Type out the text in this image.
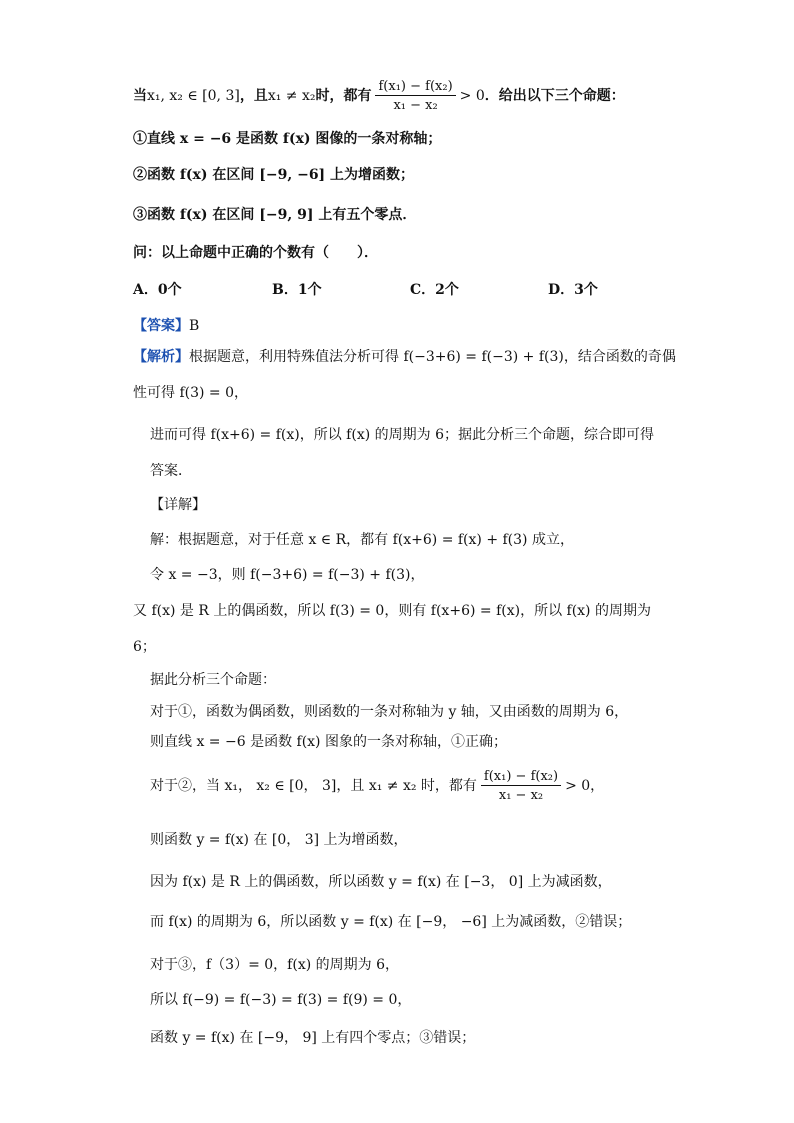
当x₁, x₂ ∈ [0, 3]，且x₁ ≠ x₂时，都有 $\frac{\text{f(x₁) − f(x₂)}}{\text{x₁ − x₂}} > 0$．给出以下三个命题：
①直线 x = −6 是函数 f(x) 图像的一条对称轴；
②函数 f(x) 在区间 [−9, −6] 上为增函数；
③函数 f(x) 在区间 [−9, 9] 上有五个零点．
问：以上命题中正确的个数有（　　）．
A．0个	B．1个	C．2个	D．3个
【答案】B
【解析】根据题意，利用特殊值法分析可得 f(−3+6) = f(−3) + f(3)，结合函数的奇偶
性可得 f(3) = 0，
进而可得 f(x+6) = f(x)，所以 f(x) 的周期为 6；据此分析三个命题，综合即可得
答案．
【详解】
解：根据题意，对于任意 x ∈ R，都有 f(x+6) = f(x) + f(3) 成立，
令 x = −3，则 f(−3+6) = f(−3) + f(3)，
又 f(x) 是 R 上的偶函数，所以 f(3) = 0，则有 f(x+6) = f(x)，所以 f(x) 的周期为
6；
据此分析三个命题：
对于①，函数为偶函数，则函数的一条对称轴为 y 轴，又由函数的周期为 6，
则直线 x = −6 是函数 f(x) 图象的一条对称轴，①正确；
对于②，当 x₁， x₂ ∈ [0， 3]，且 x₁ ≠ x₂ 时，都有 $\frac{\text{f(x₁) − f(x₂)}}{\text{x₁ − x₂}} > 0$，
则函数 y = f(x) 在 [0， 3] 上为增函数，
因为 f(x) 是 R 上的偶函数，所以函数 y = f(x) 在 [−3， 0] 上为减函数，
而 f(x) 的周期为 6，所以函数 y = f(x) 在 [−9， −6] 上为减函数，②错误；
对于③，f（3）= 0，f(x) 的周期为 6，
所以 f(−9) = f(−3) = f(3) = f(9) = 0，
函数 y = f(x) 在 [−9， 9] 上有四个零点；③错误；
